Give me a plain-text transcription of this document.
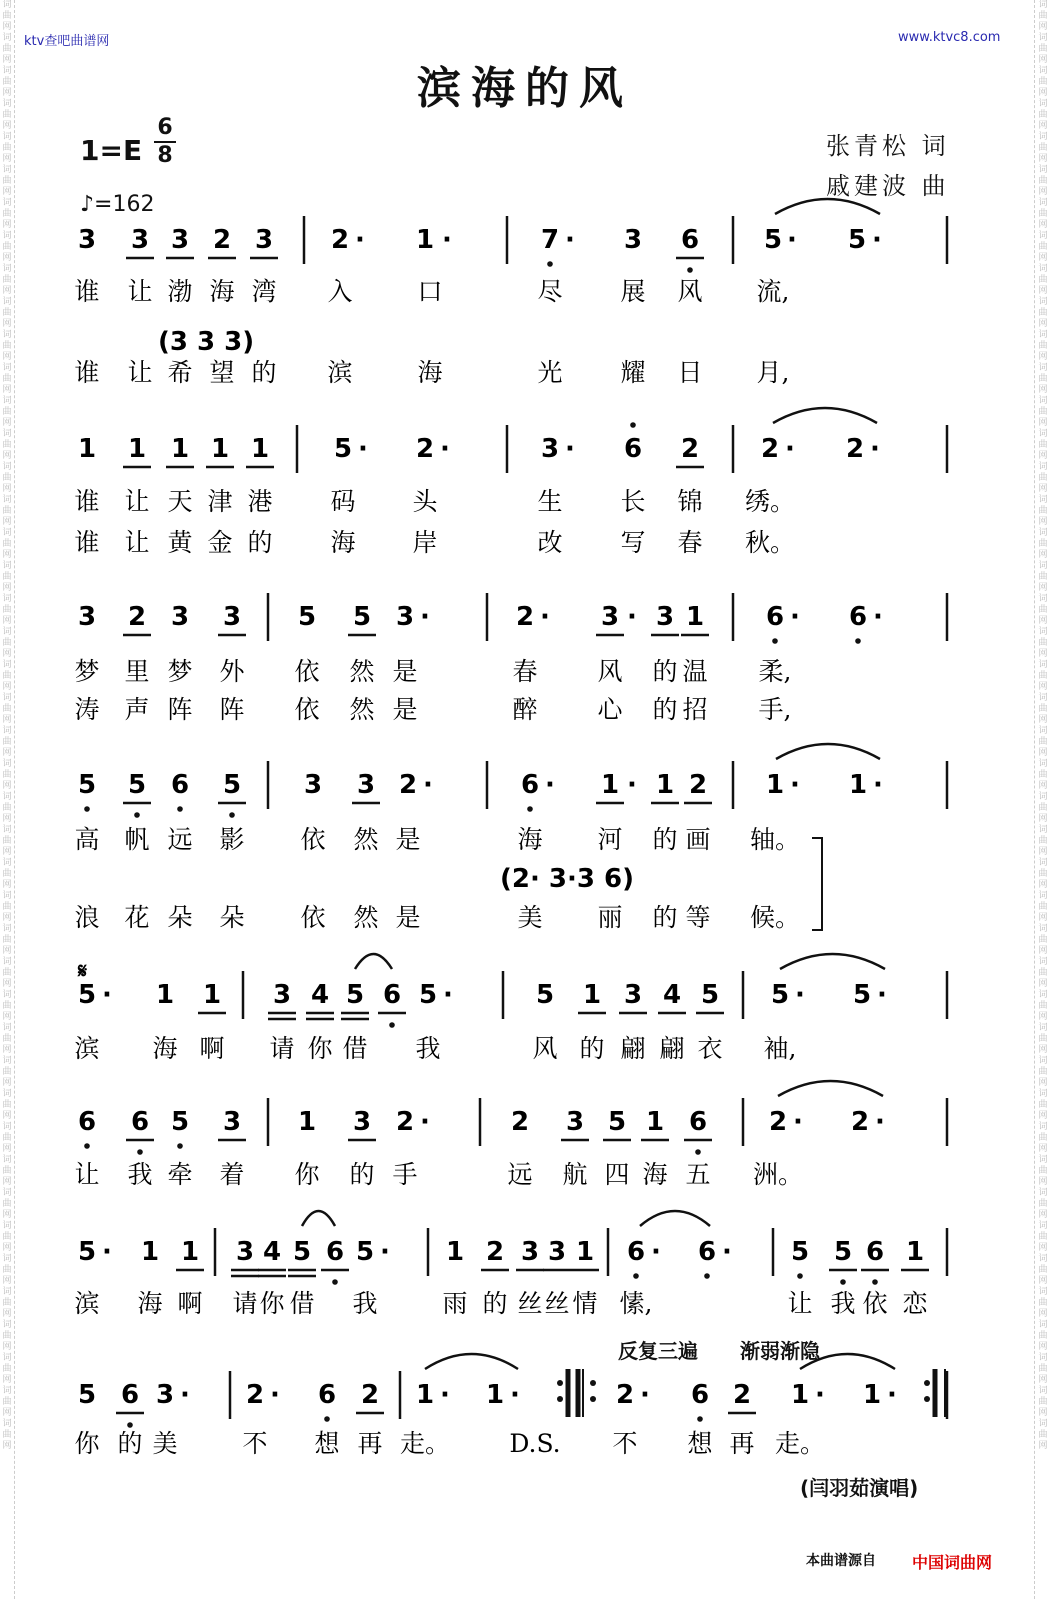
词曲网词曲网词曲网词曲网词曲网词曲网词曲网词曲网词曲网词曲网词曲网词曲网词曲网词曲网词曲网词曲网词曲网词曲网词曲网词曲网词曲网词曲网词曲网词曲网词曲网词曲网词曲网词曲网词曲网词曲网词曲网词曲网词曲网词曲网词曲网词曲网词曲网词曲网词曲网词曲网词曲网词曲网词曲网词曲网
词曲网词曲网词曲网词曲网词曲网词曲网词曲网词曲网词曲网词曲网词曲网词曲网词曲网词曲网词曲网词曲网词曲网词曲网词曲网词曲网词曲网词曲网词曲网词曲网词曲网词曲网词曲网词曲网词曲网词曲网词曲网词曲网词曲网词曲网词曲网词曲网词曲网词曲网词曲网词曲网词曲网词曲网词曲网词曲网
ktv查吧曲谱网	www.ktvc8.com
滨海的风
1=E
6
8
♪=162
张青松 词
戚建波 曲
3 3 3 2 3 2 · 1 ·	7 · 3 6 5 · 5 ·
谁 让 渤 海 湾 入	口	尽 展 风 流,
谁 让 希 望 的 滨	海	光 耀 日 月,
(3 3 3)
1 1 1 1 1 5 · 2 ·	3 · 6 2 2 · 2 ·
谁 让 天 津 港 码 头	生 长 锦 绣。
谁 让 黄 金 的 海 岸	改 写 春 秋。
3 2 3 3 5 5 3 ·	2 · 3 · 3 1 6 · 6 ·
梦 里 梦 外 依 然 是	春 风 的 温 柔,
涛 声 阵 阵 依 然 是	醉 心 的 招 手,
5 5 6 5 3 3 2 ·	6 · 1 · 1 2 1 · 1 ·
高 帆 远 影 依 然 是	海 河 的 画 轴。
浪 花 朵 朵 依 然 是	美 丽 的 等 候。
(2· 3·3 6)
5 · 1 1 3 4 5 6 5 ·	5 1 3 4 5 5 · 5 ·
滨 海 啊 请 你 借 我	风 的 翩 翩 衣 袖,
𝄋
6 6 5 3 1 3 2 ·	2 3 5 1 6 2 · 2 ·
让 我 牵 着 你 的 手	远 航 四 海 五 洲。
5 · 1 1 3 4 5 6 5 · 1 2 3 3 1 6 · 6 · 5 5 6 1
滨 海 啊 请 你 借 我	雨 的 丝 丝 情 愫,	让 我 依 恋
5 6 3 · 2 · 6 2 1 · 1 ·	2 · 6 2 1 · 1 ·
你 的 美	不 想 再 走。 D.S. 不 想 再 走。
反复三遍 渐弱渐隐
(闫羽茹演唱)
本曲谱源自 中国词曲网
